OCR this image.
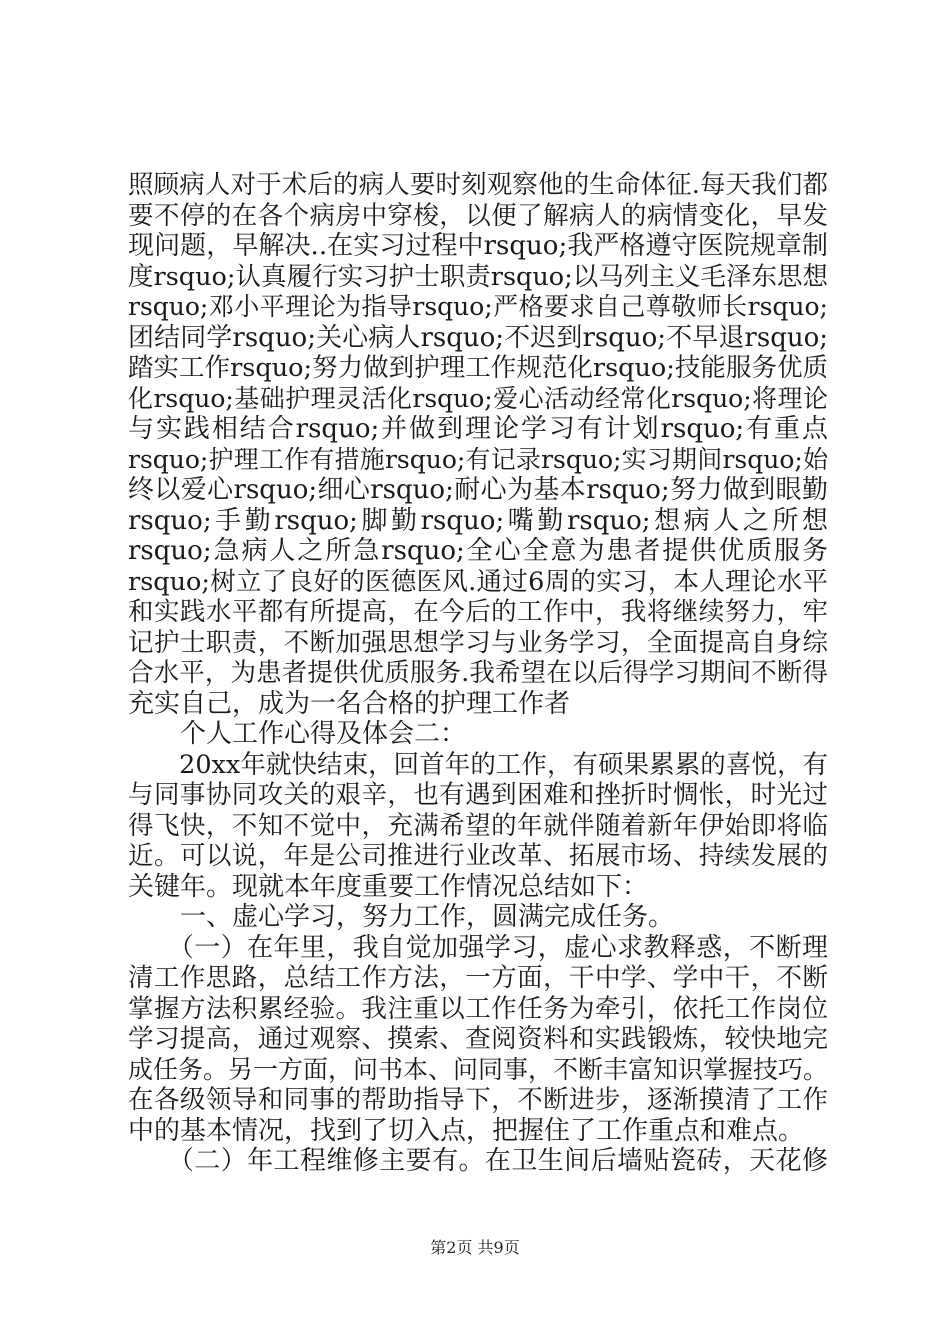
照顾病人对于术后的病人要时刻观察他的生命体征.每天我们都
要不停的在各个病房中穿梭，以便了解病人的病情变化，早发
现问题，早解决..在实习过程中rsquo;我严格遵守医院规章制
度rsquo;认真履行实习护士职责rsquo;以马列主义毛泽东思想
rsquo;邓小平理论为指导rsquo;严格要求自己尊敬师长rsquo;
团结同学rsquo;关心病人rsquo;不迟到rsquo;不早退rsquo;
踏实工作rsquo;努力做到护理工作规范化rsquo;技能服务优质
化rsquo;基础护理灵活化rsquo;爱心活动经常化rsquo;将理论
与实践相结合rsquo;并做到理论学习有计划rsquo;有重点
rsquo;护理工作有措施rsquo;有记录rsquo;实习期间rsquo;始
终以爱心rsquo;细心rsquo;耐心为基本rsquo;努力做到眼勤
rsquo;手勤rsquo;脚勤rsquo;嘴勤rsquo;想病人之所想
rsquo;急病人之所急rsquo;全心全意为患者提供优质服务
rsquo;树立了良好的医德医风.通过6周的实习，本人理论水平
和实践水平都有所提高，在今后的工作中，我将继续努力，牢
记护士职责，不断加强思想学习与业务学习，全面提高自身综
合水平，为患者提供优质服务.我希望在以后得学习期间不断得
充实自己，成为一名合格的护理工作者
　　个人工作心得及体会二：
　　20xx年就快结束，回首年的工作，有硕果累累的喜悦，有
与同事协同攻关的艰辛，也有遇到困难和挫折时惆怅，时光过
得飞快，不知不觉中，充满希望的年就伴随着新年伊始即将临
近。可以说，年是公司推进行业改革、拓展市场、持续发展的
关键年。现就本年度重要工作情况总结如下：
　　一、虚心学习，努力工作，圆满完成任务。
　　（一）在年里，我自觉加强学习，虚心求教释惑，不断理
清工作思路，总结工作方法，一方面，干中学、学中干，不断
掌握方法积累经验。我注重以工作任务为牵引，依托工作岗位
学习提高，通过观察、摸索、查阅资料和实践锻炼，较快地完
成任务。另一方面，问书本、问同事，不断丰富知识掌握技巧。
在各级领导和同事的帮助指导下，不断进步，逐渐摸清了工作
中的基本情况，找到了切入点，把握住了工作重点和难点。
　　（二）年工程维修主要有。在卫生间后墙贴瓷砖，天花修
第2页 共9页
